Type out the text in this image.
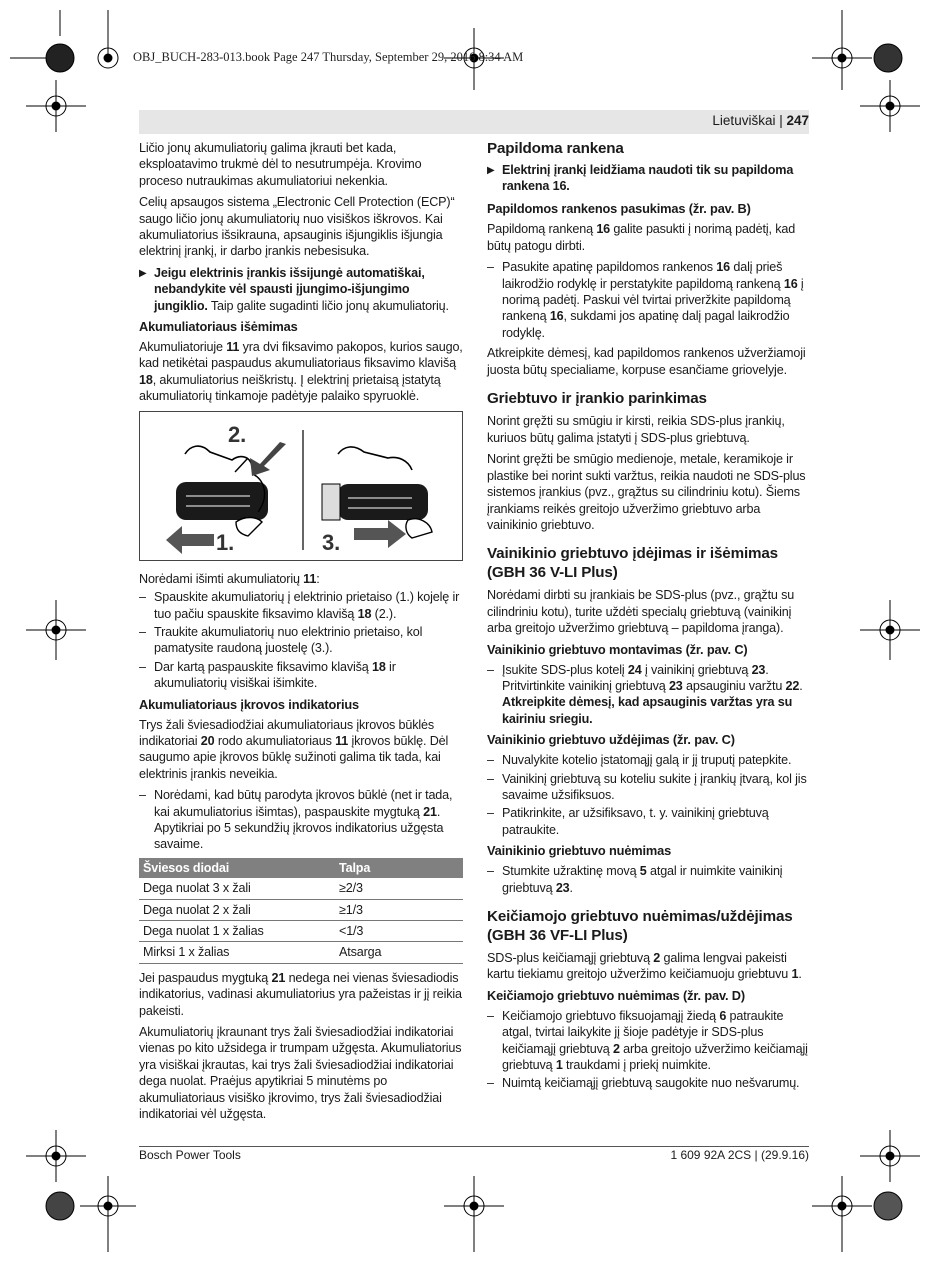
OBJ_BUCH-283-013.book Page 247 Thursday, September 29, 2016 8:34 AM
Lietuviškai | 247

Ličio jonų akumuliatorių galima įkrauti bet kada, eksploatavimo trukmė dėl to nesutrumpėja. Krovimo proceso nutraukimas akumuliatoriui nekenkia.

Celių apsaugos sistema „Electronic Cell Protection (ECP)“ saugo ličio jonų akumuliatorių nuo visiškos iškrovos. Kai akumuliatorius išsikrauna, apsauginis išjungiklis išjungia elektrinį įrankį, ir darbo įrankis nebesisuka.

▶ Jeigu elektrinis įrankis išsijungė automatiškai, nebandykite vėl spausti įjungimo-išjungimo jungiklio. Taip galite sugadinti ličio jonų akumuliatorių.
Akumuliatoriaus išėmimas

Akumuliatoriuje 11 yra dvi fiksavimo pakopos, kurios saugo, kad netikėtai paspaudus akumuliatoriaus fiksavimo klavišą 18, akumuliatorius neiškristų. Į elektrinį prietaisą įstatytą akumuliatorių tinkamoje padėtyje palaiko spyruoklė.

2.
1.	3.

Norėdami išimti akumuliatorių 11:

– Spauskite akumuliatorių į elektrinio prietaiso (1.) kojelę ir tuo pačiu spauskite fiksavimo klavišą 18 (2.).
– Traukite akumuliatorių nuo elektrinio prietaiso, kol pamatysite raudoną juostelę (3.).
– Dar kartą paspauskite fiksavimo klavišą 18 ir akumuliatorių visiškai išimkite.
Akumuliatoriaus įkrovos indikatorius

Trys žali šviesadiodžiai akumuliatoriaus įkrovos būklės indikatoriai 20 rodo akumuliatoriaus 11 įkrovos būklę. Dėl saugumo apie įkrovos būklę sužinoti galima tik tada, kai elektrinis įrankis neveikia.

– Norėdami, kad būtų parodyta įkrovos būklė (net ir tada, kai akumuliatorius išimtas), paspauskite mygtuką 21. Apytikriai po 5 sekundžių įkrovos indikatorius užgęsta savaime.
Šviesos diodai	Talpa
Dega nuolat 3 x žali	≥2/3
Dega nuolat 2 x žali	≥1/3
Dega nuolat 1 x žalias	<1/3
Mirksi 1 x žalias	Atsarga

Jei paspaudus mygtuką 21 nedega nei vienas šviesadiodis indikatorius, vadinasi akumuliatorius yra pažeistas ir jį reikia pakeisti.

Akumuliatorių įkraunant trys žali šviesadiodžiai indikatoriai vienas po kito užsidega ir trumpam užgęsta. Akumuliatorius yra visiškai įkrautas, kai trys žali šviesadiodžiai indikatoriai dega nuolat. Praėjus apytikriai 5 minutėms po akumuliatoriaus visiško įkrovimo, trys žali šviesadiodžiai indikatoriai vėl užgęsta.

Papildoma rankena
▶ Elektrinį įrankį leidžiama naudoti tik su papildoma rankena 16.
Papildomos rankenos pasukimas (žr. pav. B)

Papildomą rankeną 16 galite pasukti į norimą padėtį, kad būtų patogu dirbti.

– Pasukite apatinę papildomos rankenos 16 dalį prieš laikrodžio rodyklę ir perstatykite papildomą rankeną 16 į norimą padėtį. Paskui vėl tvirtai priveržkite papildomą rankeną 16, sukdami jos apatinę dalį pagal laikrodžio rodyklę.

Atkreipkite dėmesį, kad papildomos rankenos užveržiamoji juosta būtų specialiame, korpuse esančiame griovelyje.

Griebtuvo ir įrankio parinkimas

Norint gręžti su smūgiu ir kirsti, reikia SDS-plus įrankių, kuriuos būtų galima įstatyti į SDS-plus griebtuvą.

Norint gręžti be smūgio medienoje, metale, keramikoje ir plastike bei norint sukti varžtus, reikia naudoti ne SDS-plus sistemos įrankius (pvz., grąžtus su cilindriniu kotu). Šiems įrankiams reikės greitojo užveržimo griebtuvo arba vainikinio griebtuvo.

Vainikinio griebtuvo įdėjimas ir išėmimas (GBH 36 V-LI Plus)

Norėdami dirbti su įrankiais be SDS-plus (pvz., grąžtu su cilindriniu kotu), turite uždėti specialų griebtuvą (vainikinį arba greitojo užveržimo griebtuvą – papildoma įranga).

Vainikinio griebtuvo montavimas (žr. pav. C)
– Įsukite SDS-plus kotelį 24 į vainikinį griebtuvą 23. Pritvirtinkite vainikinį griebtuvą 23 apsauginiu varžtu 22. Atkreipkite dėmesį, kad apsauginis varžtas yra su kairiniu sriegiu.
Vainikinio griebtuvo uždėjimas (žr. pav. C)
– Nuvalykite kotelio įstatomąjį galą ir jį truputį patepkite.
– Vainikinį griebtuvą su koteliu sukite į įrankių įtvarą, kol jis savaime užsifiksuos.
– Patikrinkite, ar užsifiksavo, t. y. vainikinį griebtuvą patraukite.
Vainikinio griebtuvo nuėmimas
– Stumkite užraktinę movą 5 atgal ir nuimkite vainikinį griebtuvą 23.
Keičiamojo griebtuvo nuėmimas/uždėjimas (GBH 36 VF-LI Plus)

SDS-plus keičiamąjį griebtuvą 2 galima lengvai pakeisti kartu tiekiamu greitojo užveržimo keičiamuoju griebtuvu 1.

Keičiamojo griebtuvo nuėmimas (žr. pav. D)
– Keičiamojo griebtuvo fiksuojamąjį žiedą 6 patraukite atgal, tvirtai laikykite jį šioje padėtyje ir SDS-plus keičiamąjį griebtuvą 2 arba greitojo užveržimo keičiamąjį griebtuvą 1 traukdami į priekį nuimkite.
– Nuimtą keičiamąjį griebtuvą saugokite nuo nešvarumų.
Bosch Power Tools	1 609 92A 2CS | (29.9.16)
